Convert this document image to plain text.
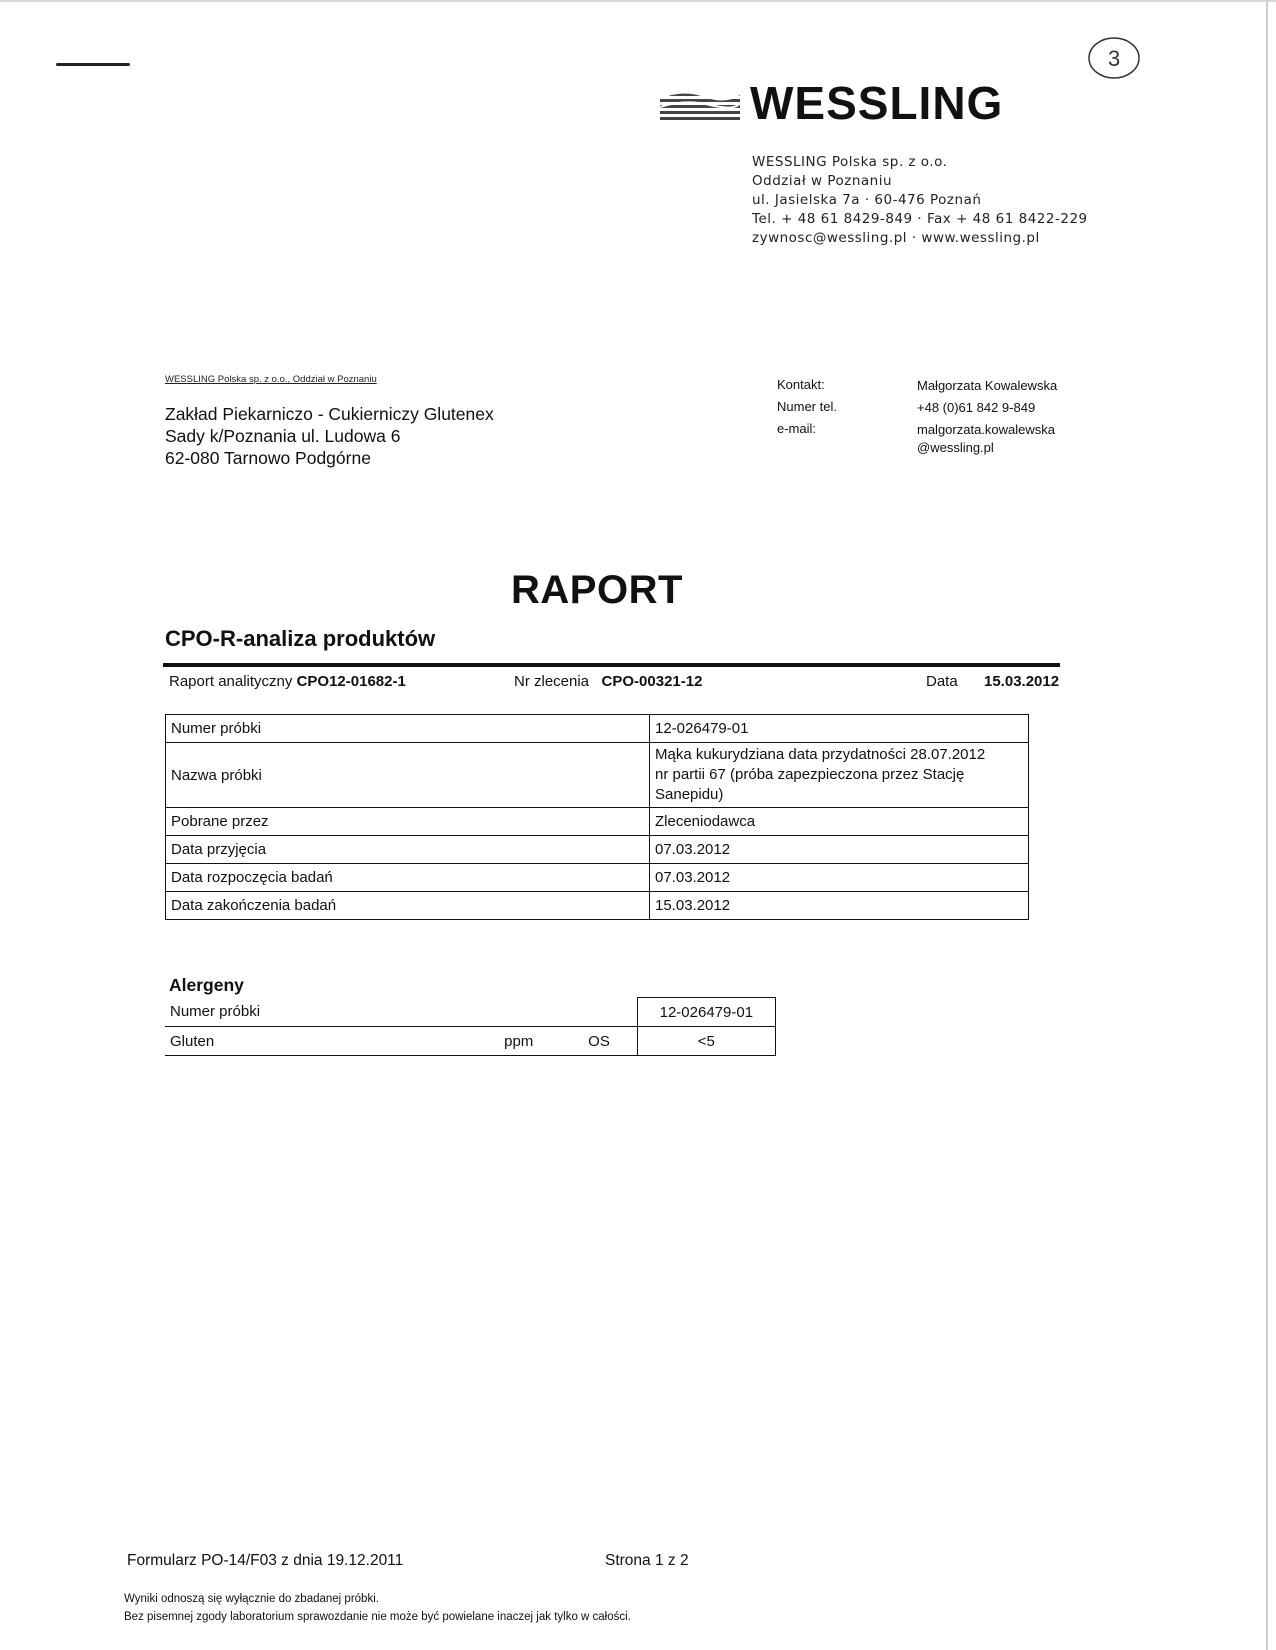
3
WESSLING
WESSLING Polska sp. z o.o.
Oddział w Poznaniu
ul. Jasielska 7a · 60-476 Poznań
Tel. + 48 61 8429-849 · Fax + 48 61 8422-229
zywnosc@wessling.pl · www.wessling.pl
WESSLING Polska sp. z o.o., Oddział w Poznaniu
Zakład Piekarniczo - Cukierniczy Glutenex
Sady k/Poznania ul. Ludowa 6
62-080 Tarnowo Podgórne
Kontakt:	Małgorzata Kowalewska
Numer tel.	+48 (0)61 842 9-849
e-mail:	malgorzata.kowalewska
@wessling.pl
RAPORT
CPO-R-analiza produktów
Raport analityczny CPO12-01682-1	Nr zlecenia CPO-00321-12	Data 15.03.2012
Numer próbki	12-026479-01
Nazwa próbki	Mąka kukurydziana data przydatności 28.07.2012
nr partii 67 (próba zapezpieczona przez Stację
Sanepidu)

Pobrane przez	Zleceniodawca
Data przyjęcia	07.03.2012
Data rozpoczęcia badań	07.03.2012
Data zakończenia badań	15.03.2012
Alergeny
Numer próbki			12-026479-01
Gluten	ppm	OS	<5
Formularz PO-14/F03 z dnia 19.12.2011	Strona 1 z 2
Wyniki odnoszą się wyłącznie do zbadanej próbki.
Bez pisemnej zgody laboratorium sprawozdanie nie może być powielane inaczej jak tylko w całości.
